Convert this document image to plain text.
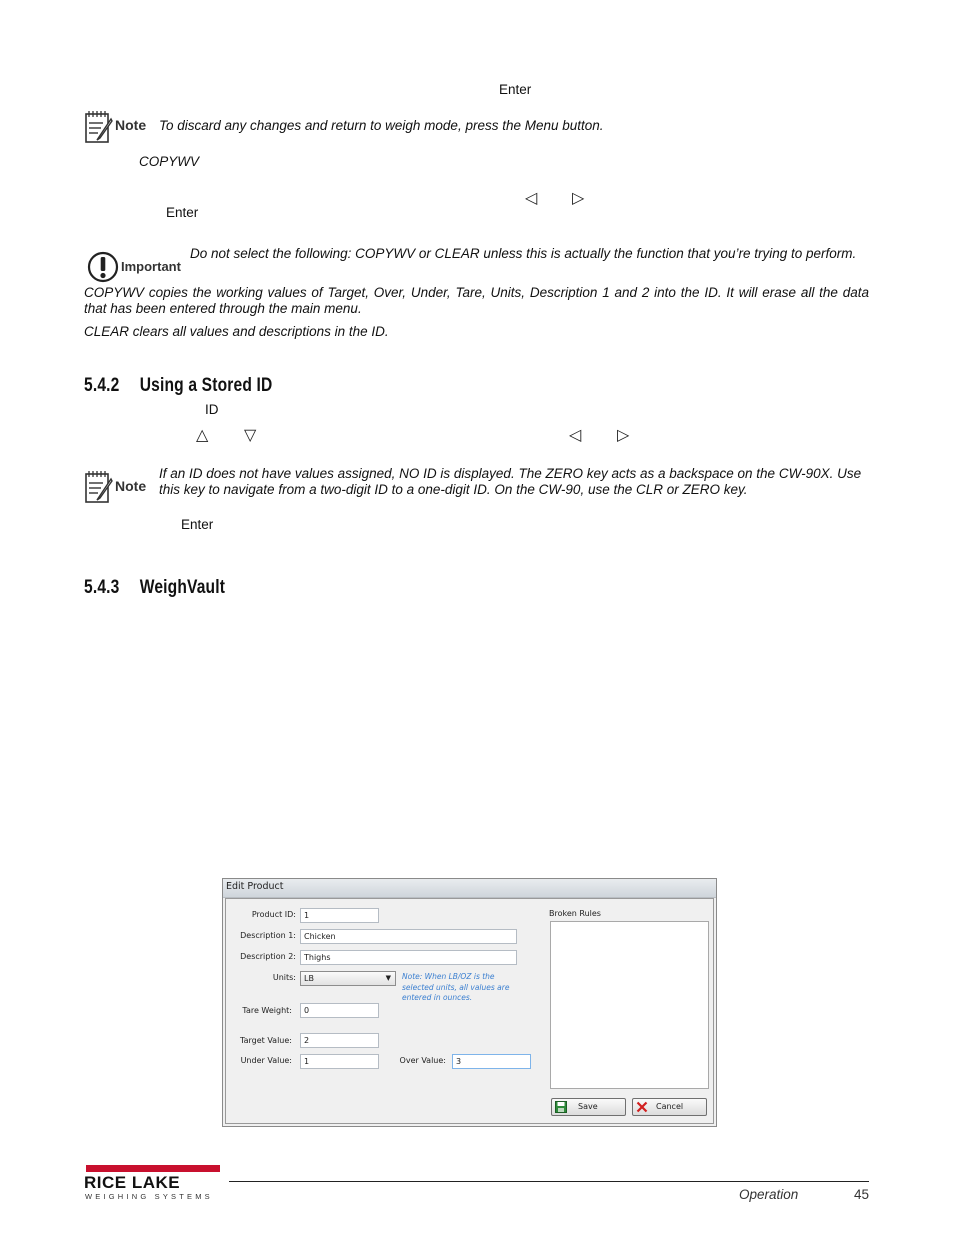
Enter
Note To discard any changes and return to weigh mode, press the Menu button.
COPYWV
◁ ▷
Enter
Important
Do not select the following: COPYWV or CLEAR unless this is actually the function that you’re trying to perform.
COPYWV copies the working values of Target, Over, Under, Tare, Units, Description 1 and 2 into the ID. It will erase all the data that has been entered through the main menu.
CLEAR clears all values and descriptions in the ID.
5.4.2 Using a Stored ID
ID
△ ▽	◁ ▷
Note
If an ID does not have values assigned, NO ID is displayed. The ZERO key acts as a backspace on the CW-90X. Use this key to navigate from a two-digit ID to a one-digit ID. On the CW-90, use the CLR or ZERO key.
Enter
5.4.3 WeighVault
Edit Product
Product ID:	1
Description 1:	Chicken
Description 2:	Thighs
Units:	LB	▼ Note: When LB/OZ is the selected units, all values are entered in ounces.
Tare Weight:	0
Target Value:	2
Under Value:	1	Over Value:	3
Broken Rules
Save	Cancel
RICE LAKE
WEIGHING SYSTEMS	Operation	45
